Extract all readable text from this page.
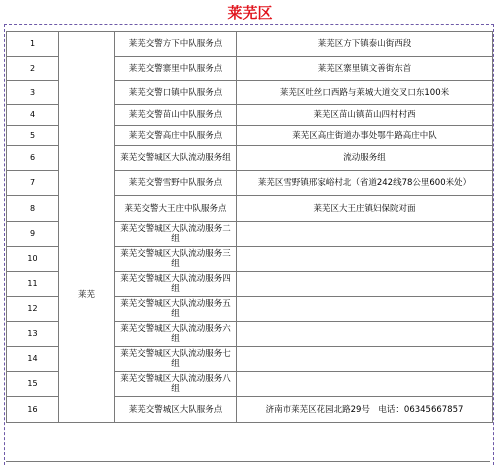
莱芜区
1	莱芜	莱芜交警方下中队服务点	莱芜区方下镇泰山街西段
2		莱芜交警寨里中队服务点	莱芜区寨里镇文善街东首
3		莱芜交警口镇中队服务点	莱芜区吐丝口西路与莱城大道交叉口东100米
4		莱芜交警苗山中队服务点	莱芜区苗山镇苗山四村村西
5		莱芜交警高庄中队服务点	莱芜区高庄街道办事处鄂牛路高庄中队
6		莱芜交警城区大队流动服务组	流动服务组
7		莱芜交警雪野中队服务点	莱芜区雪野镇邢家峪村北（省道242线78公里600米处）
8		莱芜交警大王庄中队服务点	莱芜区大王庄镇妇保院对面
9		莱芜交警城区大队流动服务二组	
10		莱芜交警城区大队流动服务三组	
11		莱芜交警城区大队流动服务四组	
12		莱芜交警城区大队流动服务五组	
13		莱芜交警城区大队流动服务六组	
14		莱芜交警城区大队流动服务七组	
15		莱芜交警城区大队流动服务八组	
16		莱芜交警城区大队服务点	济南市莱芜区花园北路29号　电话：06345667857
